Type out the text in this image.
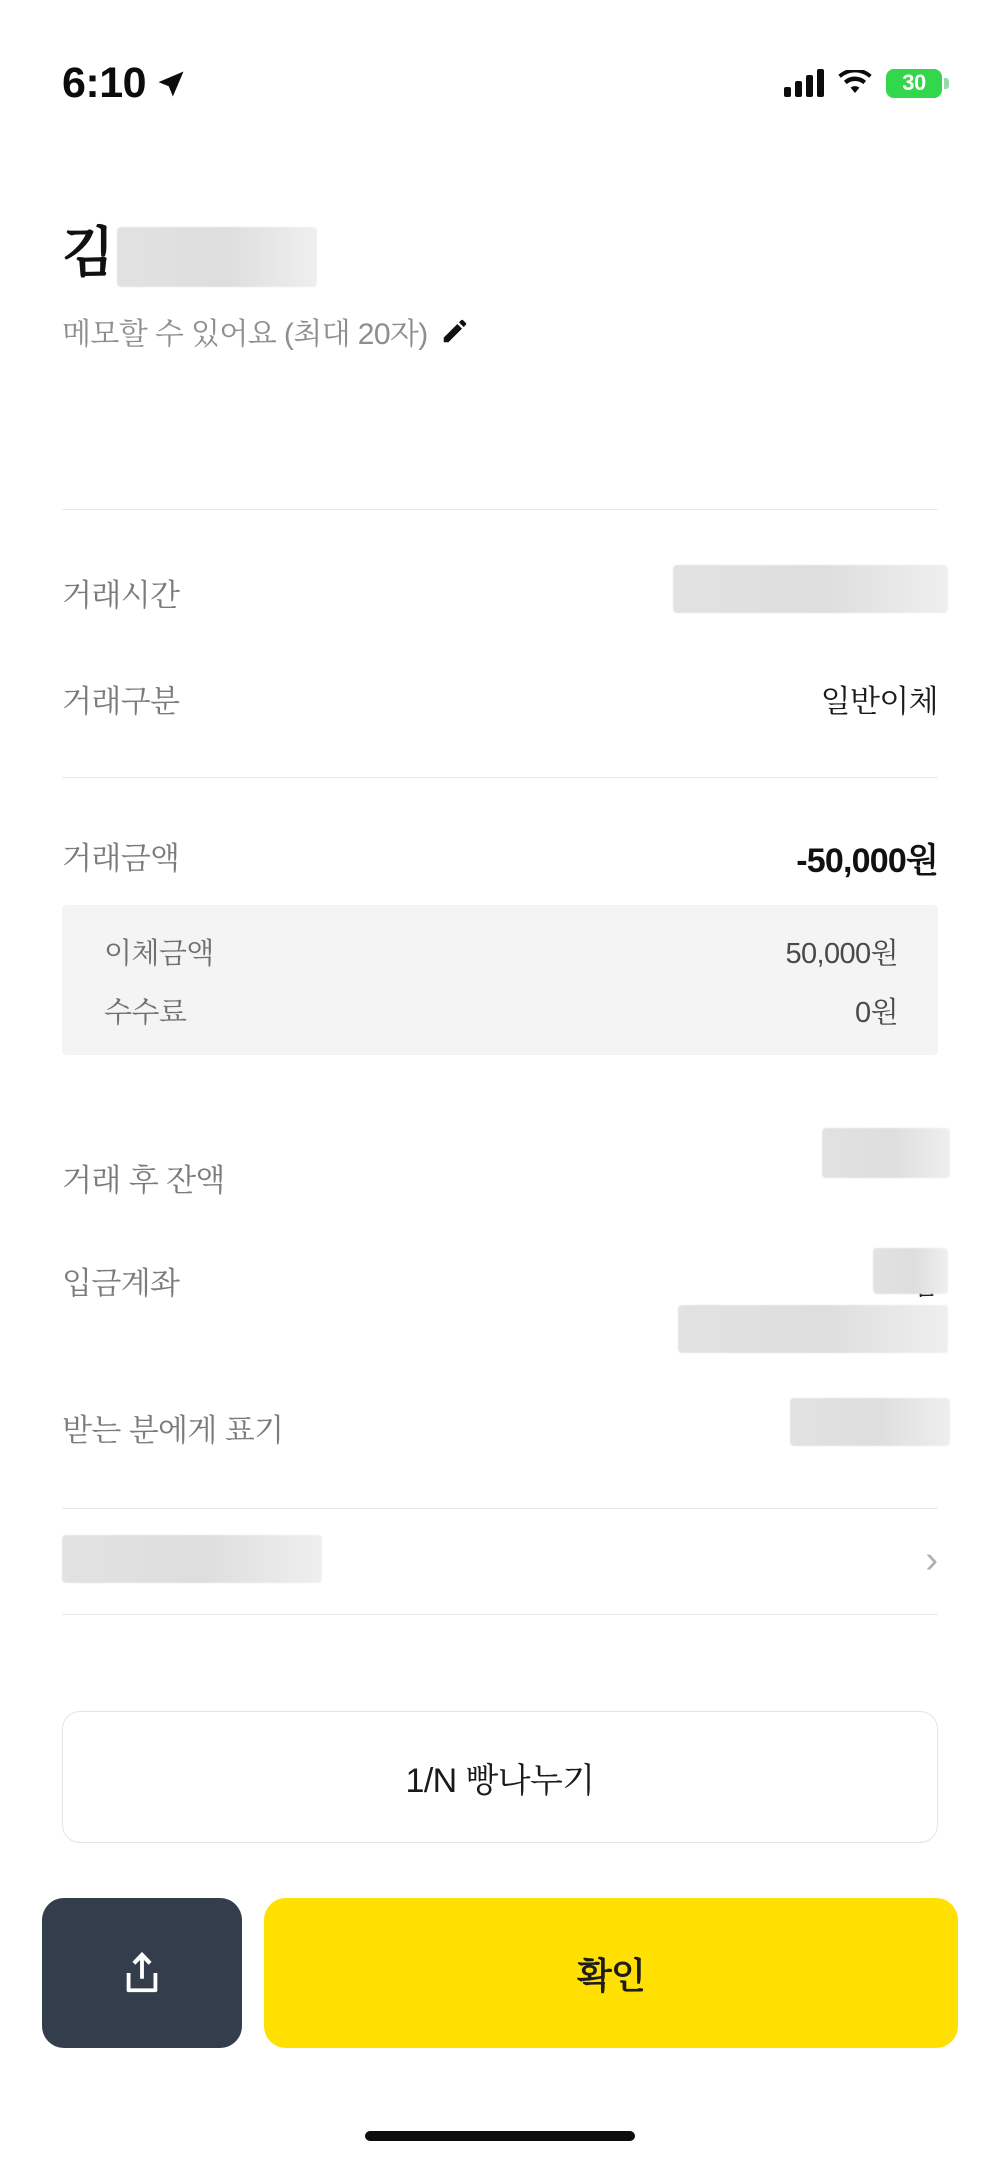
6:10	30
김
메모할 수 있어요 (최대 20자)
거래시간
거래구분	일반이체
거래금액	-50,000원
이체금액	50,000원
수수료	0원
거래 후 잔액
입금계좌
받는 분에게 표기
›
1/N 빵나누기
확인
